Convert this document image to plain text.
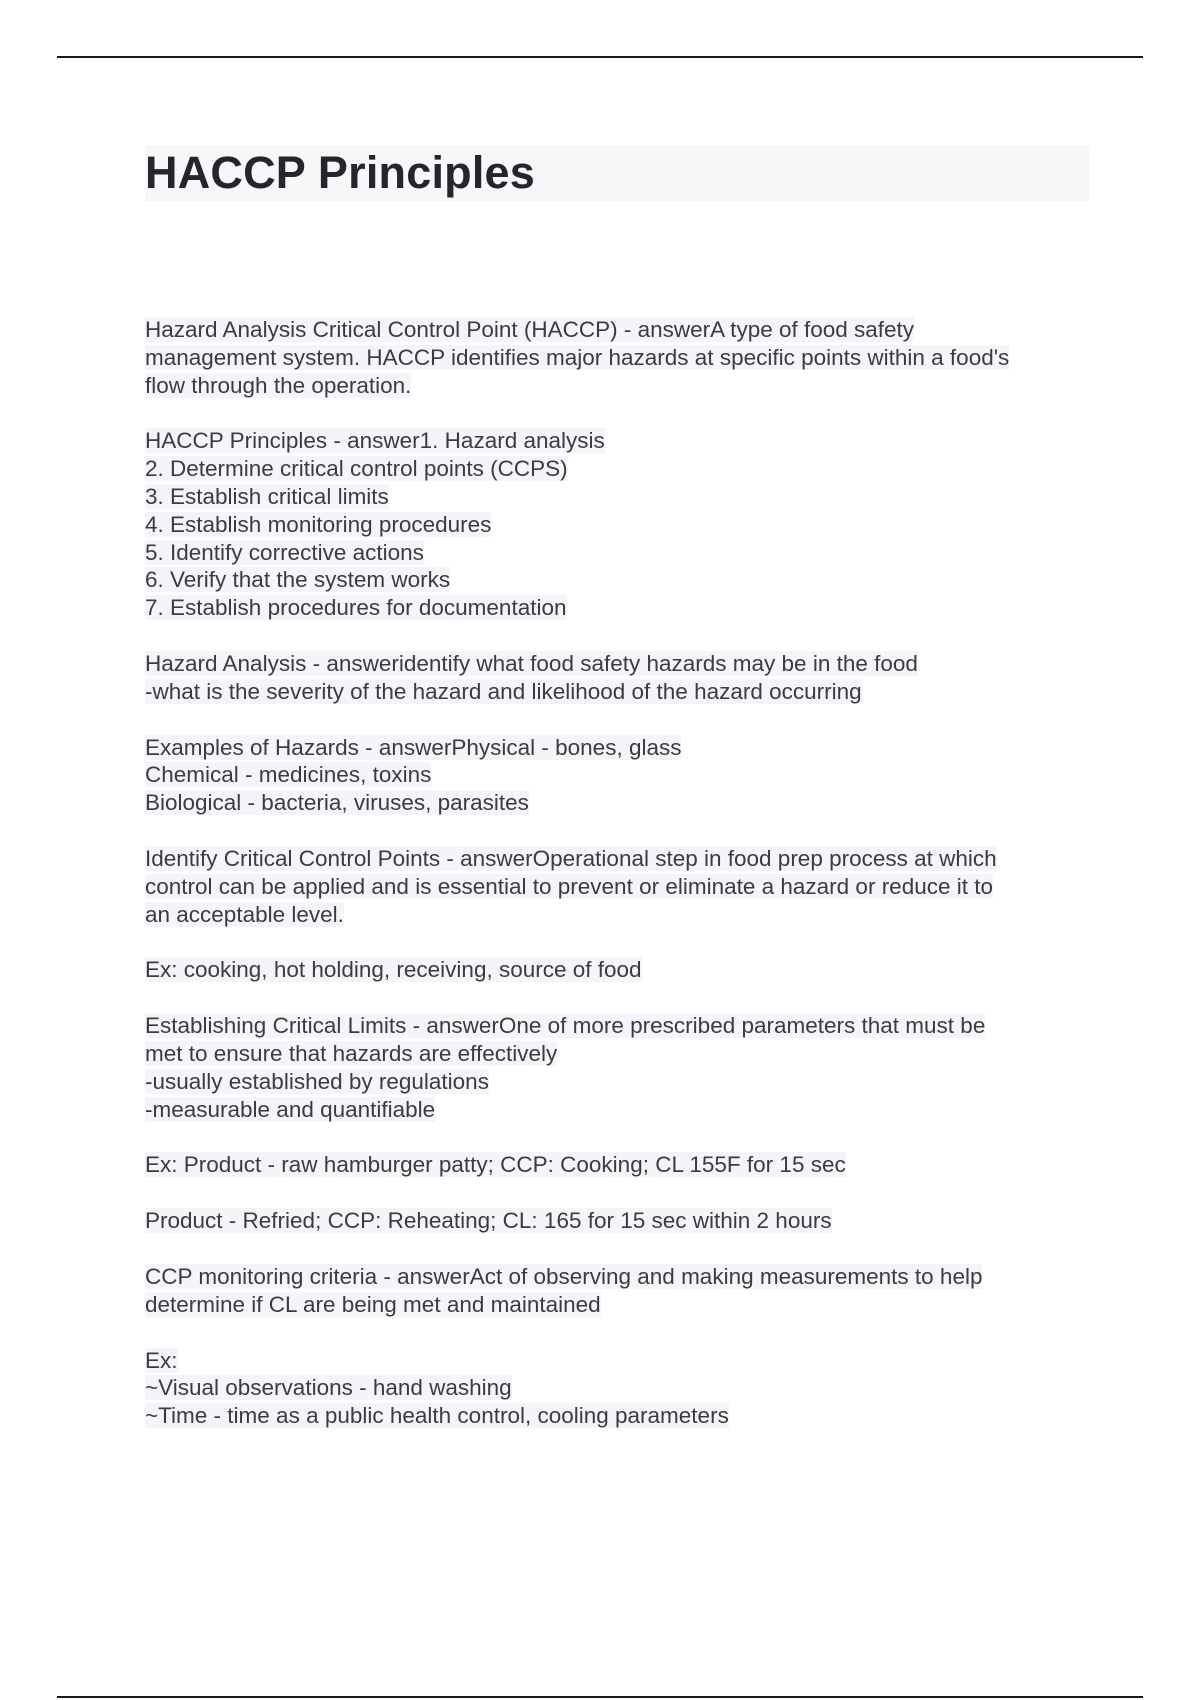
HACCP Principles
Hazard Analysis Critical Control Point (HACCP) - answerA type of food safety
management system. HACCP identifies major hazards at specific points within a food's
flow through the operation.
HACCP Principles - answer1. Hazard analysis
2. Determine critical control points (CCPS)
3. Establish critical limits
4. Establish monitoring procedures
5. Identify corrective actions
6. Verify that the system works
7. Establish procedures for documentation
Hazard Analysis - answeridentify what food safety hazards may be in the food
-what is the severity of the hazard and likelihood of the hazard occurring
Examples of Hazards - answerPhysical - bones, glass
Chemical - medicines, toxins
Biological - bacteria, viruses, parasites
Identify Critical Control Points - answerOperational step in food prep process at which
control can be applied and is essential to prevent or eliminate a hazard or reduce it to
an acceptable level.
Ex: cooking, hot holding, receiving, source of food
Establishing Critical Limits - answerOne of more prescribed parameters that must be
met to ensure that hazards are effectively
-usually established by regulations
-measurable and quantifiable
Ex: Product - raw hamburger patty; CCP: Cooking; CL 155F for 15 sec
Product - Refried; CCP: Reheating; CL: 165 for 15 sec within 2 hours
CCP monitoring criteria - answerAct of observing and making measurements to help
determine if CL are being met and maintained
Ex:
~Visual observations - hand washing
~Time - time as a public health control, cooling parameters
